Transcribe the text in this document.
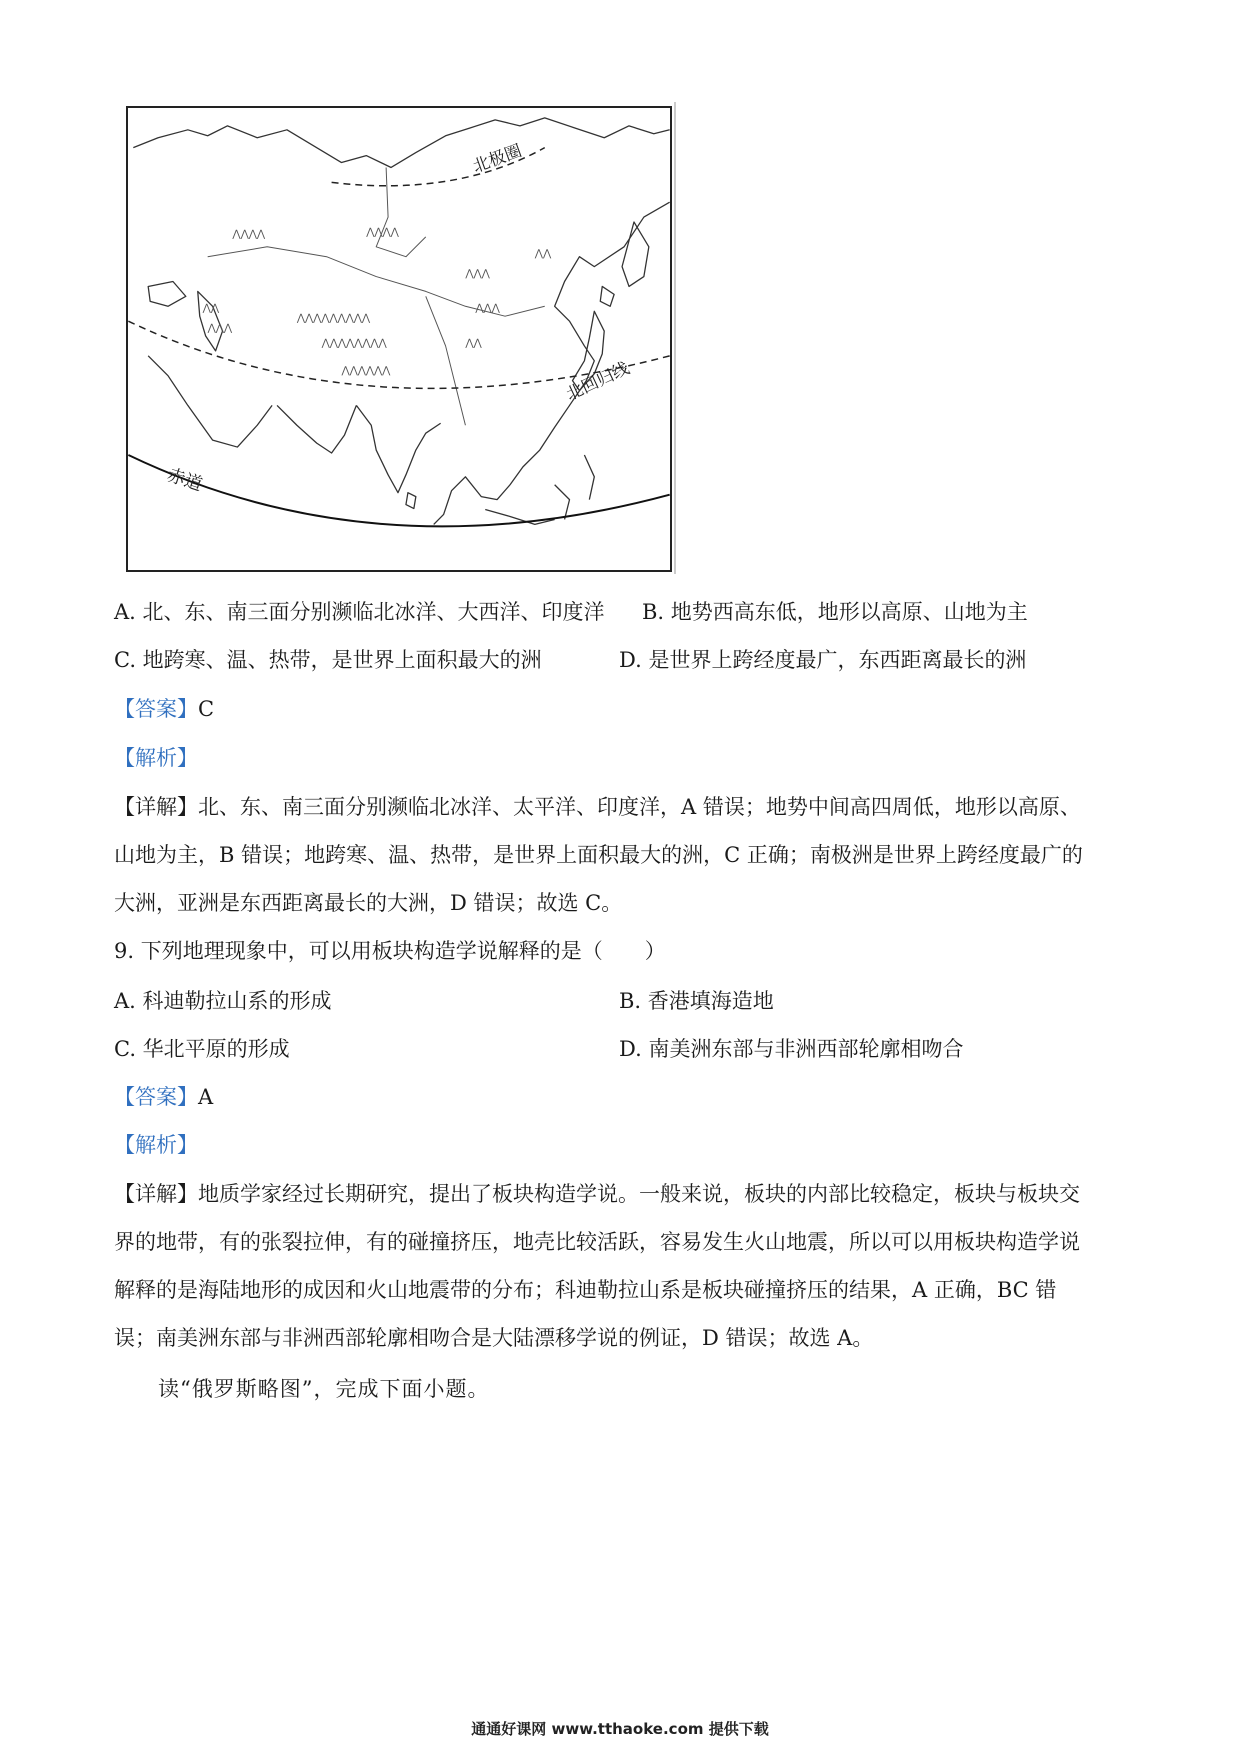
⋀⋀⋀⋀
⋀⋀
⋀⋀⋀
⋀⋀⋀⋀⋀⋀⋀⋀⋀
⋀⋀⋀⋀⋀⋀⋀⋀
⋀⋀⋀⋀⋀⋀
⋀⋀⋀⋀
⋀⋀⋀
⋀⋀⋀
⋀⋀
⋀⋀
北极圈
北回归线
赤道
A. 北、东、南三面分别濒临北冰洋、大西洋、印度洋 B. 地势西高东低，地形以高原、山地为主
C. 地跨寒、温、热带，是世界上面积最大的洲	D. 是世界上跨经度最广，东西距离最长的洲
【答案】C
【解析】
【详解】北、东、南三面分别濒临北冰洋、太平洋、印度洋，A 错误；地势中间高四周低，地形以高原、
山地为主，B 错误；地跨寒、温、热带，是世界上面积最大的洲，C 正确；南极洲是世界上跨经度最广的
大洲，亚洲是东西距离最长的大洲，D 错误；故选 C。
9. 下列地理现象中，可以用板块构造学说解释的是（　　）
A. 科迪勒拉山系的形成	B. 香港填海造地
C. 华北平原的形成	D. 南美洲东部与非洲西部轮廓相吻合
【答案】A
【解析】
【详解】地质学家经过长期研究，提出了板块构造学说。一般来说，板块的内部比较稳定，板块与板块交
界的地带，有的张裂拉伸，有的碰撞挤压，地壳比较活跃，容易发生火山地震，所以可以用板块构造学说
解释的是海陆地形的成因和火山地震带的分布；科迪勒拉山系是板块碰撞挤压的结果，A 正确，BC 错
误；南美洲东部与非洲西部轮廓相吻合是大陆漂移学说的例证，D 错误；故选 A。
读“俄罗斯略图”，完成下面小题。
通通好课网 www.tthaoke.com 提供下载
